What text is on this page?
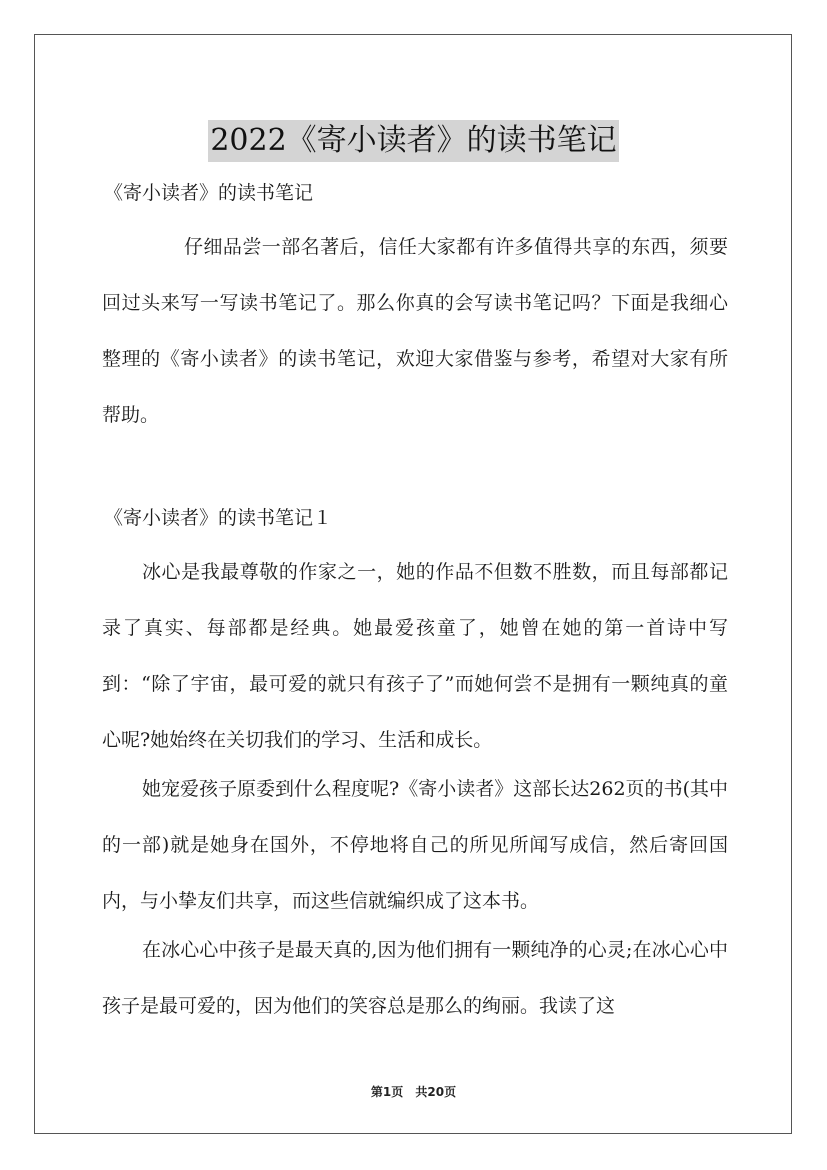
2022《寄小读者》的读书笔记
《寄小读者》的读书笔记

仔细品尝一部名著后，信任大家都有许多值得共享的东西，须要回过头来写一写读书笔记了。那么你真的会写读书笔记吗？下面是我细心整理的《寄小读者》的读书笔记，欢迎大家借鉴与参考，希望对大家有所帮助。

《寄小读者》的读书笔记１

冰心是我最尊敬的作家之一，她的作品不但数不胜数，而且每部都记录了真实、每部都是经典。她最爱孩童了，她曾在她的第一首诗中写到：“除了宇宙，最可爱的就只有孩子了”而她何尝不是拥有一颗纯真的童心呢?她始终在关切我们的学习、生活和成长。

她宠爱孩子原委到什么程度呢?《寄小读者》这部长达262页的书(其中的一部)就是她身在国外，不停地将自己的所见所闻写成信，然后寄回国内，与小挚友们共享，而这些信就编织成了这本书。

在冰心心中孩子是最天真的,因为他们拥有一颗纯净的心灵;在冰心心中孩子是最可爱的，因为他们的笑容总是那么的绚丽。我读了这

第1页 共20页
